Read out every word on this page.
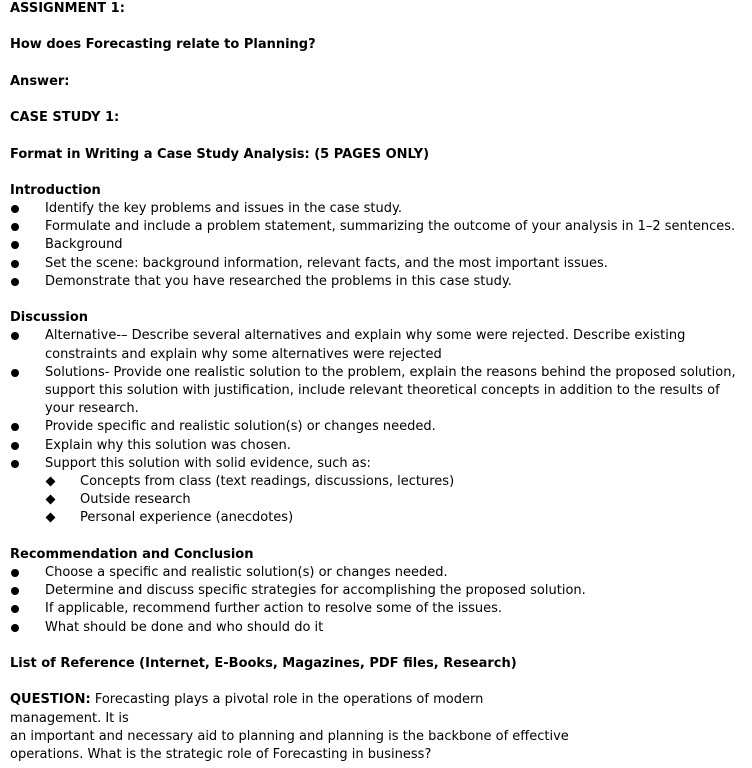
ASSIGNMENT 1:
How does Forecasting relate to Planning?
Answer:
CASE STUDY 1:
Format in Writing a Case Study Analysis: (5 PAGES ONLY)
Introduction
Identify the key problems and issues in the case study.
Formulate and include a problem statement, summarizing the outcome of your analysis in 1–2 sentences.
Background
Set the scene: background information, relevant facts, and the most important issues.
Demonstrate that you have researched the problems in this case study.
Discussion
Alternative-– Describe several alternatives and explain why some were rejected. Describe existing
constraints and explain why some alternatives were rejected
Solutions- Provide one realistic solution to the problem, explain the reasons behind the proposed solution,
support this solution with justification, include relevant theoretical concepts in addition to the results of
your research.
Provide specific and realistic solution(s) or changes needed.
Explain why this solution was chosen.
Support this solution with solid evidence, such as:
Concepts from class (text readings, discussions, lectures)
Outside research
Personal experience (anecdotes)
Recommendation and Conclusion
Choose a specific and realistic solution(s) or changes needed.
Determine and discuss specific strategies for accomplishing the proposed solution.
If applicable, recommend further action to resolve some of the issues.
What should be done and who should do it
List of Reference (Internet, E-Books, Magazines, PDF files, Research)
QUESTION: Forecasting plays a pivotal role in the operations of modern management. It is
an important and necessary aid to planning and planning is the backbone of effective
operations. What is the strategic role of Forecasting in business?
